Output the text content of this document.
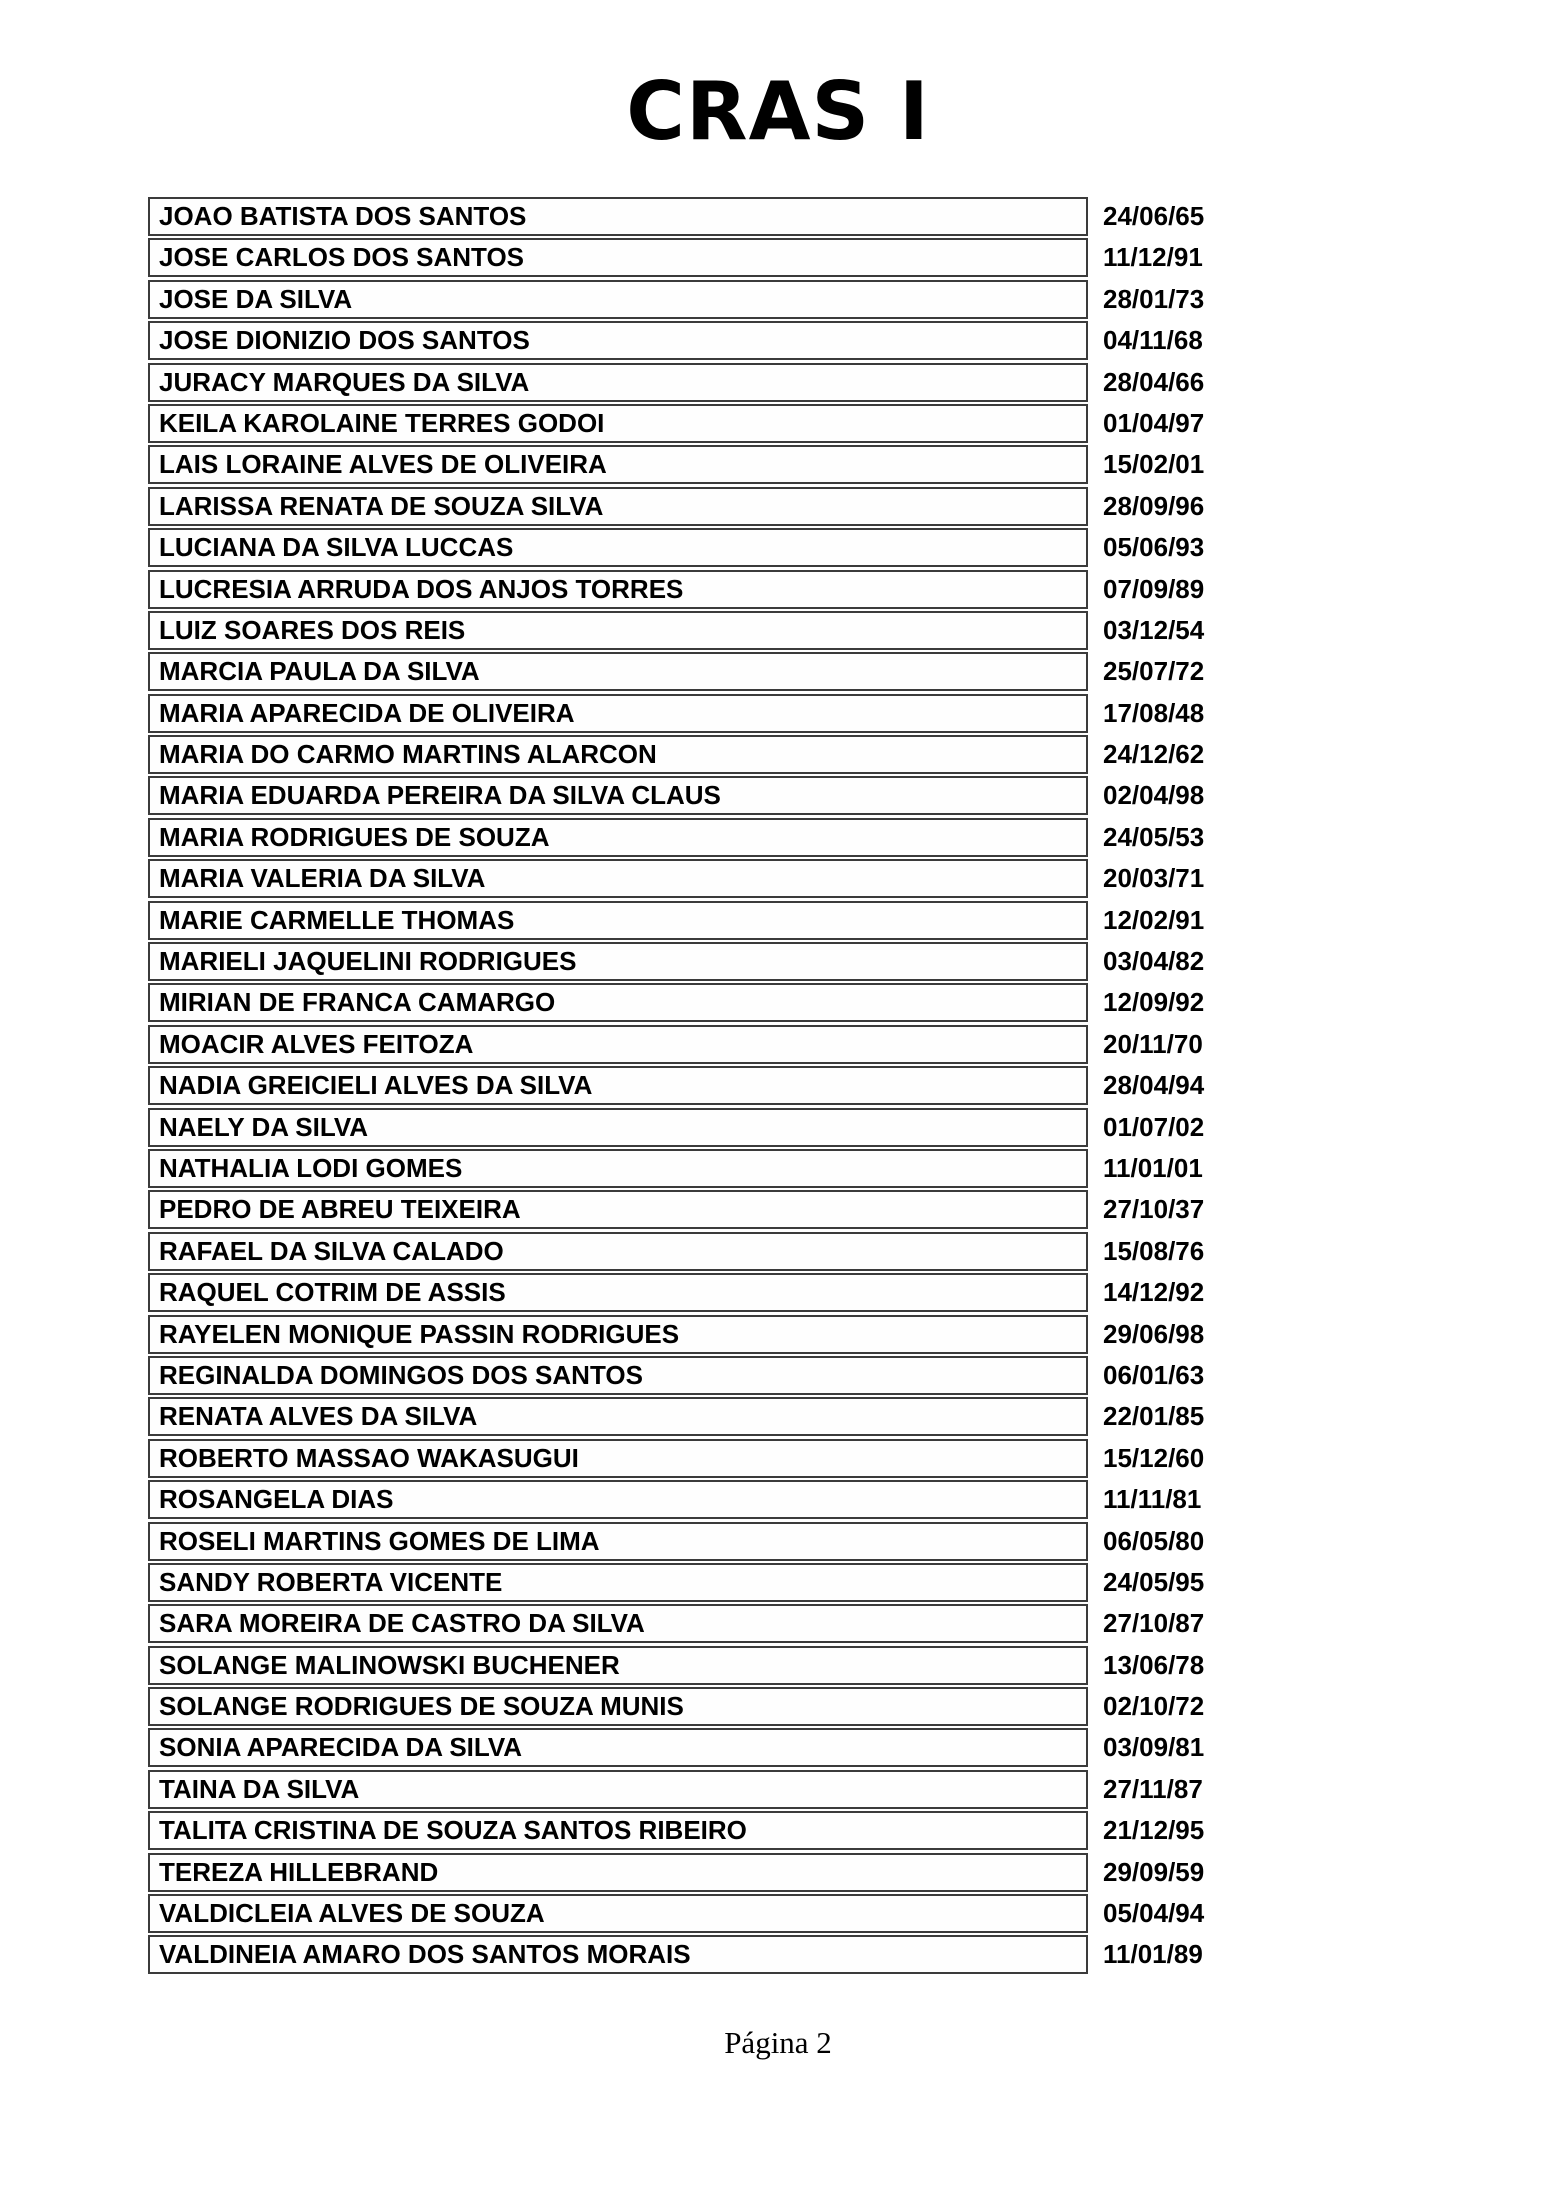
CRAS I
JOAO BATISTA DOS SANTOS	24/06/65
JOSE CARLOS DOS SANTOS	11/12/91
JOSE DA SILVA	28/01/73
JOSE DIONIZIO DOS SANTOS	04/11/68
JURACY MARQUES DA SILVA	28/04/66
KEILA KAROLAINE TERRES GODOI	01/04/97
LAIS LORAINE ALVES DE OLIVEIRA	15/02/01
LARISSA RENATA DE SOUZA SILVA	28/09/96
LUCIANA DA SILVA LUCCAS	05/06/93
LUCRESIA ARRUDA DOS ANJOS TORRES	07/09/89
LUIZ SOARES DOS REIS	03/12/54
MARCIA PAULA DA SILVA	25/07/72
MARIA APARECIDA DE OLIVEIRA	17/08/48
MARIA DO CARMO MARTINS ALARCON	24/12/62
MARIA EDUARDA PEREIRA DA SILVA CLAUS	02/04/98
MARIA RODRIGUES DE SOUZA	24/05/53
MARIA VALERIA DA SILVA	20/03/71
MARIE CARMELLE THOMAS	12/02/91
MARIELI JAQUELINI RODRIGUES	03/04/82
MIRIAN DE FRANCA CAMARGO	12/09/92
MOACIR ALVES FEITOZA	20/11/70
NADIA GREICIELI ALVES DA SILVA	28/04/94
NAELY DA SILVA	01/07/02
NATHALIA LODI GOMES	11/01/01
PEDRO DE ABREU TEIXEIRA	27/10/37
RAFAEL DA SILVA CALADO	15/08/76
RAQUEL COTRIM DE ASSIS	14/12/92
RAYELEN MONIQUE PASSIN RODRIGUES	29/06/98
REGINALDA DOMINGOS DOS SANTOS	06/01/63
RENATA ALVES DA SILVA	22/01/85
ROBERTO MASSAO WAKASUGUI	15/12/60
ROSANGELA DIAS	11/11/81
ROSELI MARTINS GOMES DE LIMA	06/05/80
SANDY ROBERTA VICENTE	24/05/95
SARA MOREIRA DE CASTRO DA SILVA	27/10/87
SOLANGE MALINOWSKI BUCHENER	13/06/78
SOLANGE RODRIGUES DE SOUZA MUNIS	02/10/72
SONIA APARECIDA DA SILVA	03/09/81
TAINA DA SILVA	27/11/87
TALITA CRISTINA DE SOUZA SANTOS RIBEIRO	21/12/95
TEREZA HILLEBRAND	29/09/59
VALDICLEIA ALVES DE SOUZA	05/04/94
VALDINEIA AMARO DOS SANTOS MORAIS	11/01/89
Página 2
